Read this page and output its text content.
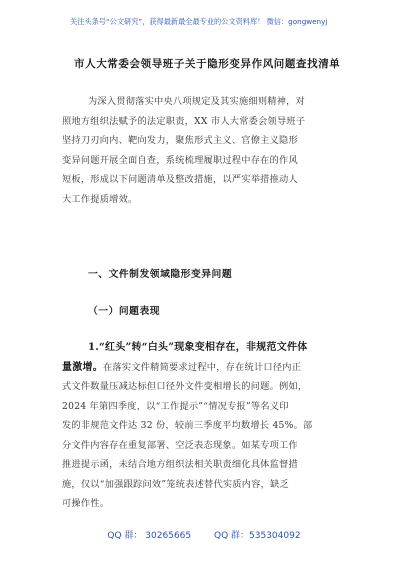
关注头条号“公文研究”，获得最新最全最专业的公文资料库！ 微信：gongwenyj
市人大常委会领导班子关于隐形变异作风问题查找清单
为深入贯彻落实中央八项规定及其实施细则精神，对
照地方组织法赋予的法定职责，XX 市人大常委会领导班子
坚持刀刃向内、靶向发力，聚焦形式主义、官僚主义隐形
变异问题开展全面自查，系统梳理履职过程中存在的作风
短板，形成以下问题清单及整改措施，以严实举措推动人
大工作提质增效。
一、文件制发领域隐形变异问题
（一）问题表现
1.“红头”转“白头”现象变相存在，非规范文件体
量激增。在落实文件精简要求过程中，存在统计口径内正
式文件数量压减达标但口径外文件变相增长的问题。例如，
2024 年第四季度，以“工作提示”“情况专报”等名义印
发的非规范文件达 32 份，较前三季度平均数增长 45%。部
分文件内容存在重复部署、空泛表态现象。如某专项工作
推进提示函，未结合地方组织法相关职责细化具体监督措
施，仅以“加强跟踪问效”笼统表述替代实质内容，缺乏
可操作性。
QQ 群： 30265665	QQ 群：535304092
